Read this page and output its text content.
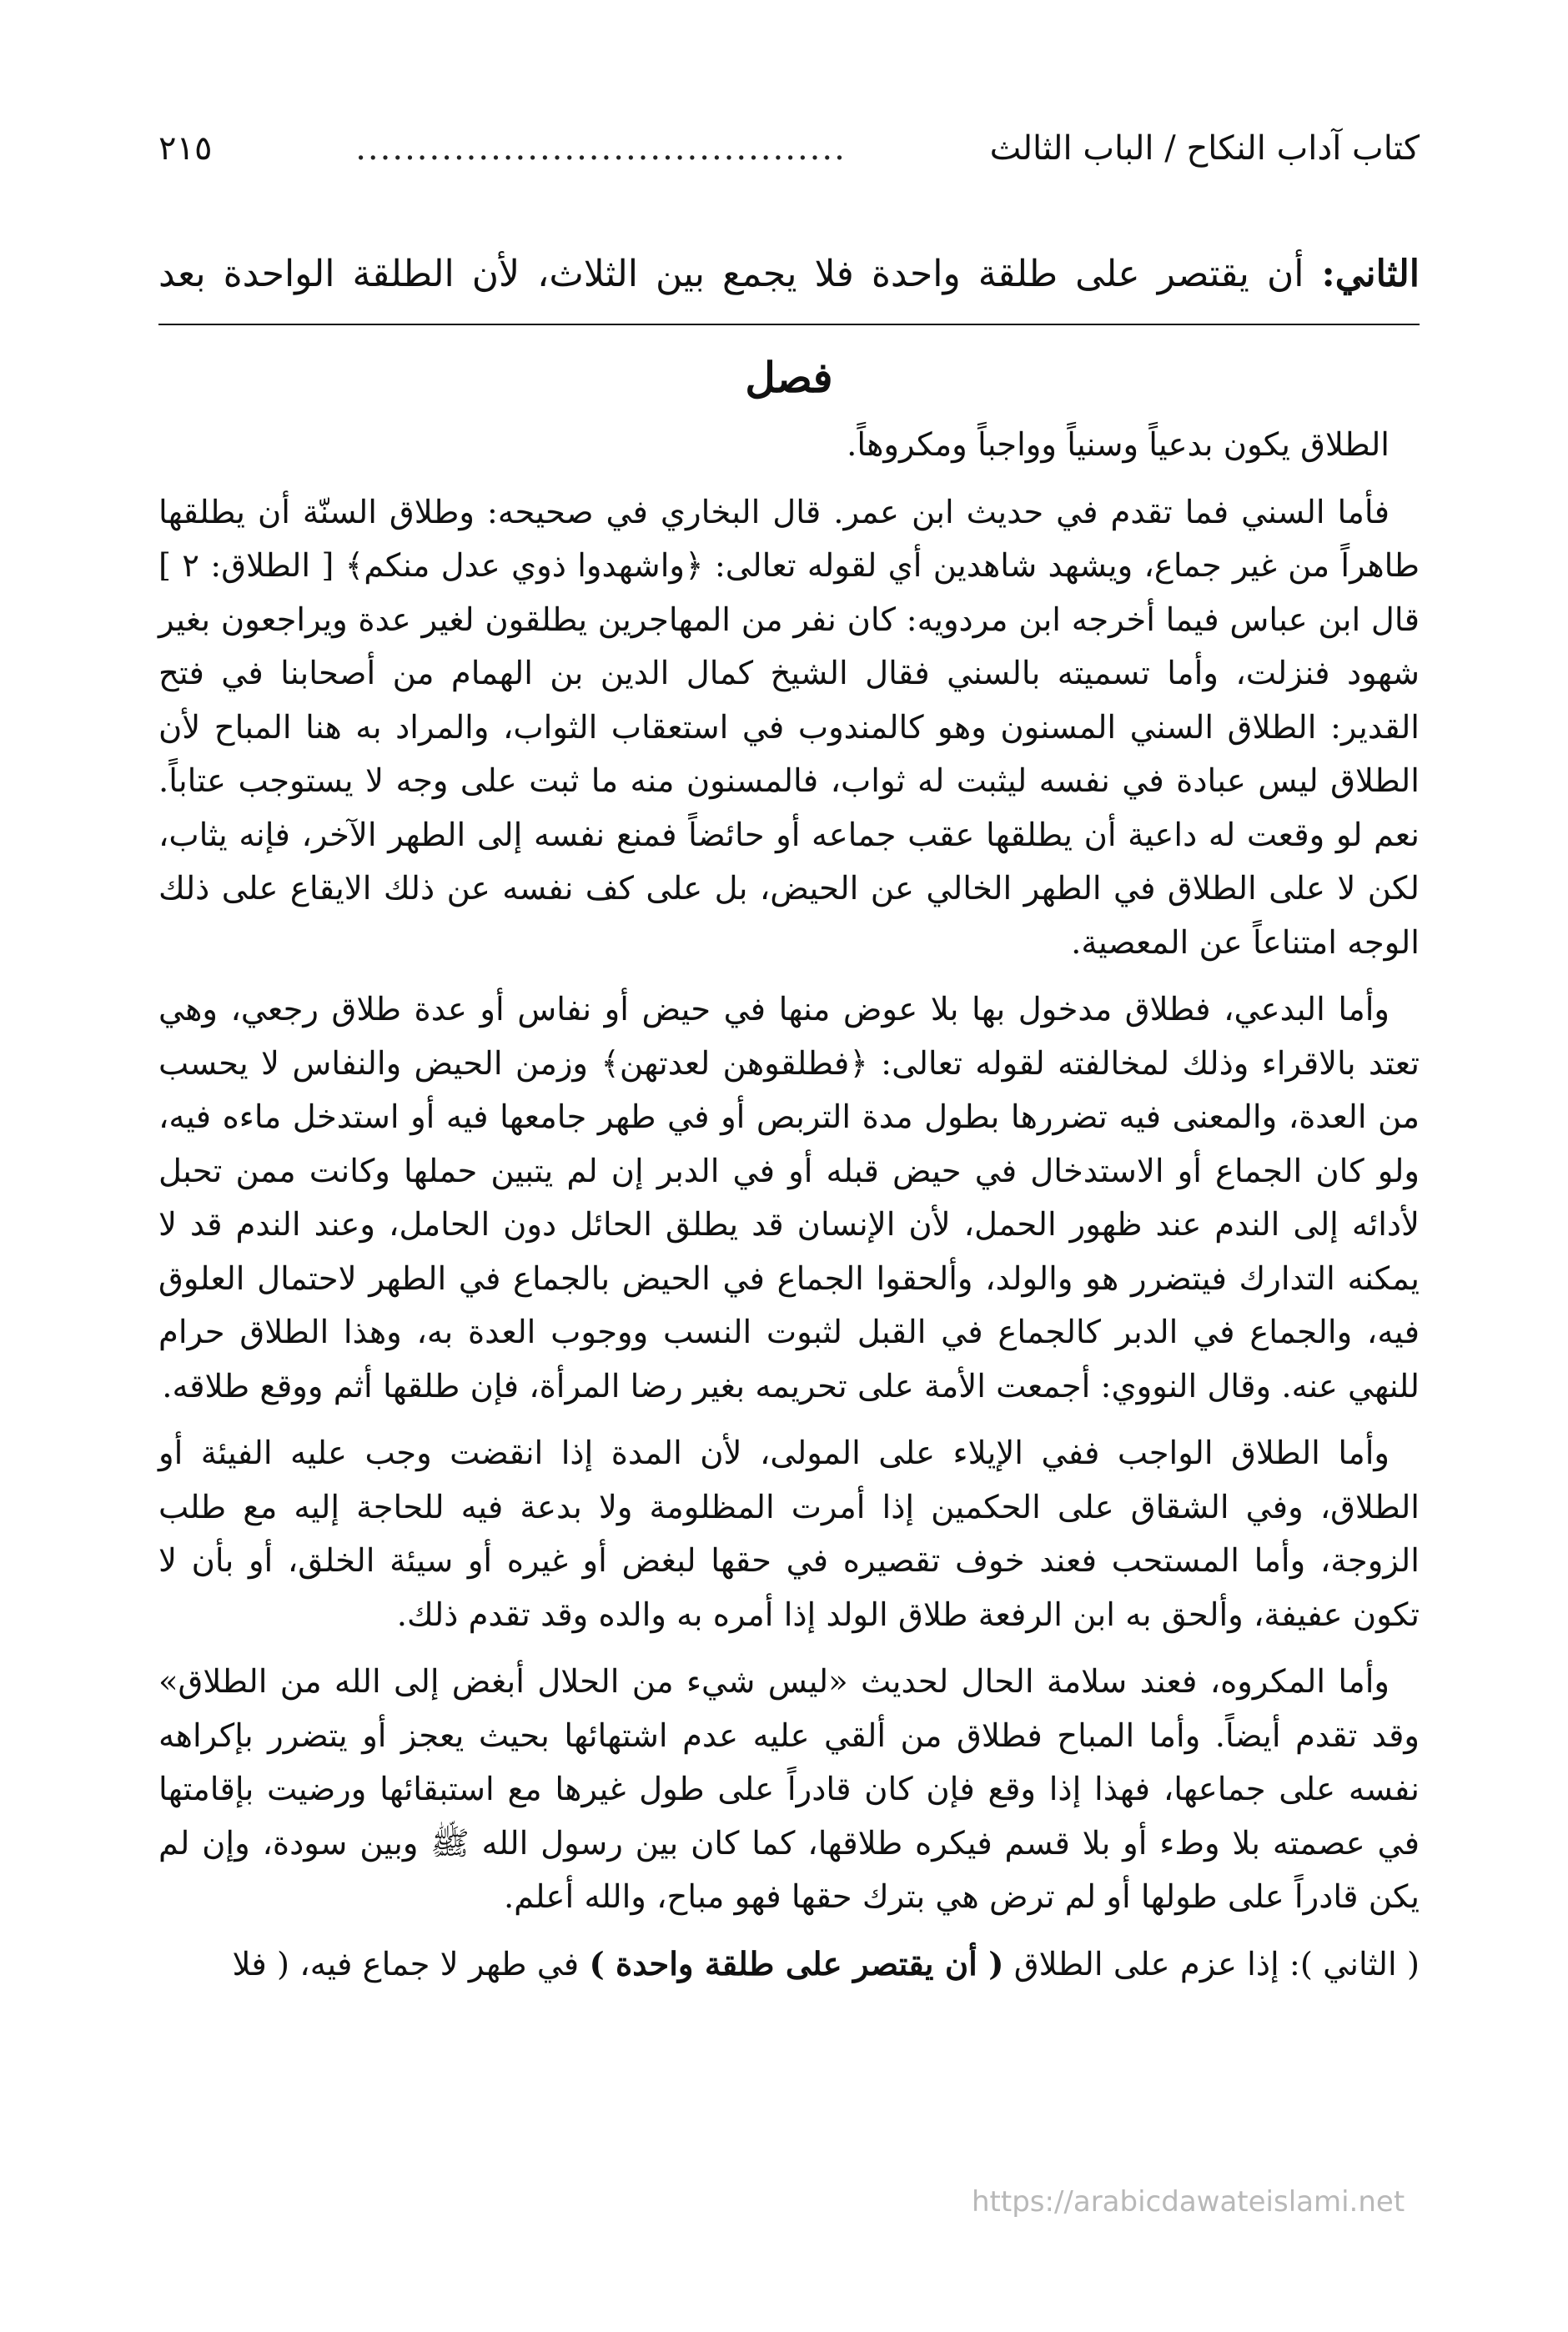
كتاب آداب النكاح / الباب الثالث
........................................
٢١٥
الثاني: أن يقتصر على طلقة واحدة فلا يجمع بين الثلاث، لأن الطلقة الواحدة بعد
فصل

الطلاق يكون بدعياً وسنياً وواجباً ومكروهاً.

فأما السني فما تقدم في حديث ابن عمر. قال البخاري في صحيحه: وطلاق السنّة أن يطلقها طاهراً من غير جماع، ويشهد شاهدين أي لقوله تعالى: ﴿واشهدوا ذوي عدل منكم﴾ [ الطلاق: ٢ ] قال ابن عباس فيما أخرجه ابن مردويه: كان نفر من المهاجرين يطلقون لغير عدة ويراجعون بغير شهود فنزلت، وأما تسميته بالسني فقال الشيخ كمال الدين بن الهمام من أصحابنا في فتح القدير: الطلاق السني المسنون وهو كالمندوب في استعقاب الثواب، والمراد به هنا المباح لأن الطلاق ليس عبادة في نفسه ليثبت له ثواب، فالمسنون منه ما ثبت على وجه لا يستوجب عتاباً. نعم لو وقعت له داعية أن يطلقها عقب جماعه أو حائضاً فمنع نفسه إلى الطهر الآخر، فإنه يثاب، لكن لا على الطلاق في الطهر الخالي عن الحيض، بل على كف نفسه عن ذلك الايقاع على ذلك الوجه امتناعاً عن المعصية.

وأما البدعي، فطلاق مدخول بها بلا عوض منها في حيض أو نفاس أو عدة طلاق رجعي، وهي تعتد بالاقراء وذلك لمخالفته لقوله تعالى: ﴿فطلقوهن لعدتهن﴾ وزمن الحيض والنفاس لا يحسب من العدة، والمعنى فيه تضررها بطول مدة التربص أو في طهر جامعها فيه أو استدخل ماءه فيه، ولو كان الجماع أو الاستدخال في حيض قبله أو في الدبر إن لم يتبين حملها وكانت ممن تحبل لأدائه إلى الندم عند ظهور الحمل، لأن الإنسان قد يطلق الحائل دون الحامل، وعند الندم قد لا يمكنه التدارك فيتضرر هو والولد، وألحقوا الجماع في الحيض بالجماع في الطهر لاحتمال العلوق فيه، والجماع في الدبر كالجماع في القبل لثبوت النسب ووجوب العدة به، وهذا الطلاق حرام للنهي عنه. وقال النووي: أجمعت الأمة على تحريمه بغير رضا المرأة، فإن طلقها أثم ووقع طلاقه.

وأما الطلاق الواجب ففي الإيلاء على المولى، لأن المدة إذا انقضت وجب عليه الفيئة أو الطلاق، وفي الشقاق على الحكمين إذا أمرت المظلومة ولا بدعة فيه للحاجة إليه مع طلب الزوجة، وأما المستحب فعند خوف تقصيره في حقها لبغض أو غيره أو سيئة الخلق، أو بأن لا تكون عفيفة، وألحق به ابن الرفعة طلاق الولد إذا أمره به والده وقد تقدم ذلك.

وأما المكروه، فعند سلامة الحال لحديث «ليس شيء من الحلال أبغض إلى الله من الطلاق» وقد تقدم أيضاً. وأما المباح فطلاق من ألقي عليه عدم اشتهائها بحيث يعجز أو يتضرر بإكراهه نفسه على جماعها، فهذا إذا وقع فإن كان قادراً على طول غيرها مع استبقائها ورضيت بإقامتها في عصمته بلا وطء أو بلا قسم فيكره طلاقها، كما كان بين رسول الله ﷺ وبين سودة، وإن لم يكن قادراً على طولها أو لم ترض هي بترك حقها فهو مباح، والله أعلم.

( الثاني ): إذا عزم على الطلاق ( أن يقتصر على طلقة واحدة ) في طهر لا جماع فيه، ( فلا
https://arabicdawateislami.net
